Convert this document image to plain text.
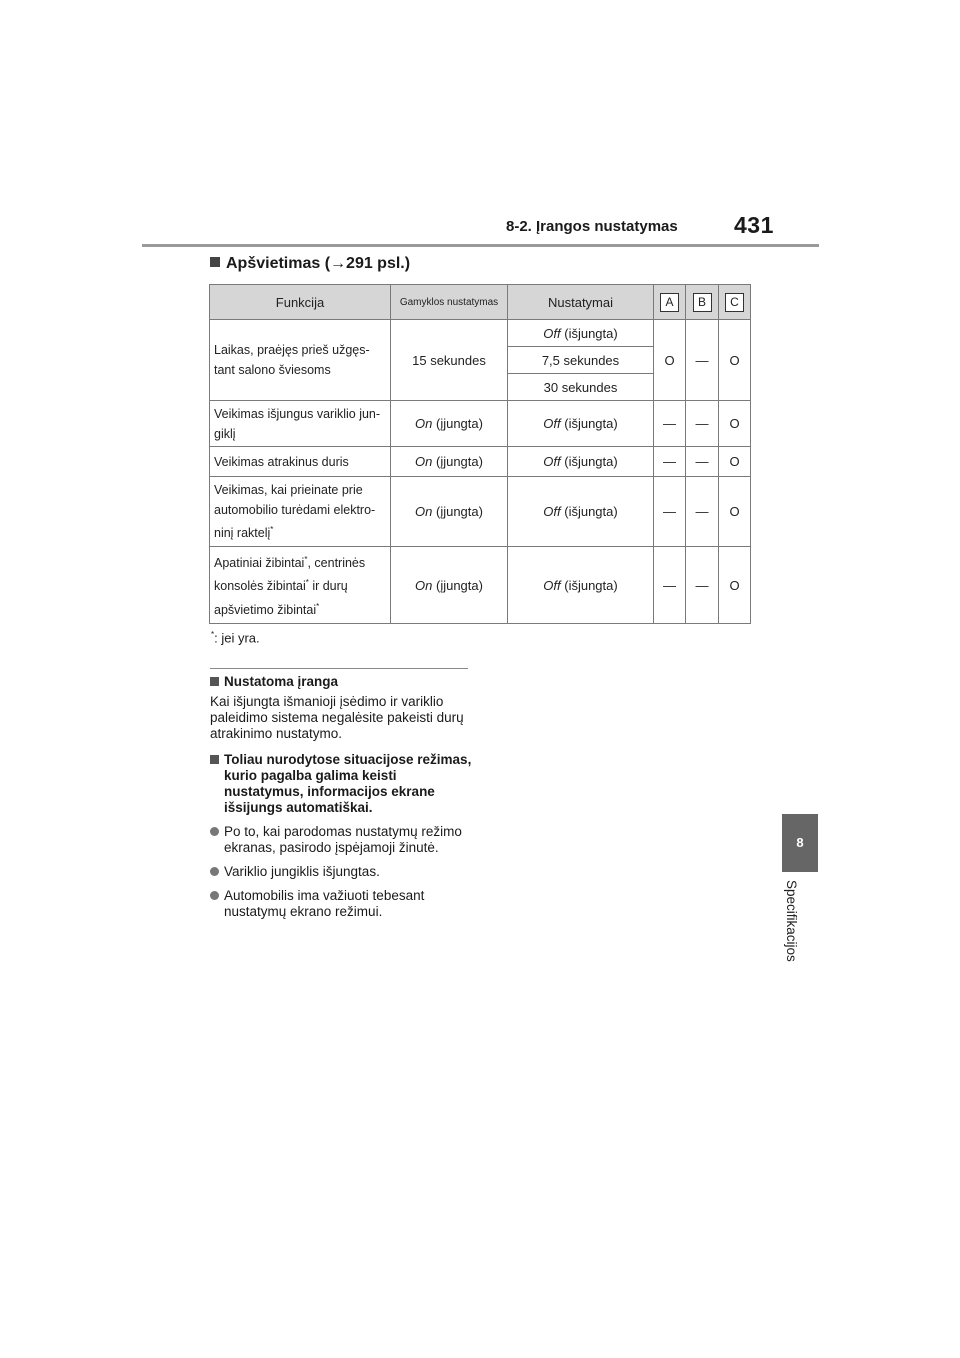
8-2. Įrangos nustatymas 431
Apšvietimas (→291 psl.)
Funkcija	Gamyklos nustatymas	Nustatymai	A	B	C
Laikas, praėjęs prieš užgęs-tant salono šviesoms	15 sekundes	Off (išjungta)	O	—	O
		7,5 sekundes			
		30 sekundes			
Veikimas išjungus variklio jun-giklį	On (įjungta)	Off (išjungta)	—	—	O
Veikimas atrakinus duris	On (įjungta)	Off (išjungta)	—	—	O
Veikimas, kai prieinate prie automobilio turėdami elektro-ninį raktelį*	On (įjungta)	Off (išjungta)	—	—	O
Apatiniai žibintai*, centrinės konsolės žibintai* ir durų apšvietimo žibintai*	On (įjungta)	Off (išjungta)	—	—	O
*: jei yra.
Nustatoma įranga
Kai išjungta išmanioji įsėdimo ir variklio paleidimo sistema negalėsite pakeisti durų atrakinimo nustatymo.
Toliau nurodytose situacijose režimas, kurio pagalba galima keisti nustatymus, informacijos ekrane išsijungs automatiškai.
Po to, kai parodomas nustatymų režimo ekranas, pasirodo įspėjamoji žinutė.
Variklio jungiklis išjungtas.
Automobilis ima važiuoti tebesant nustatymų ekrano režimui.
8
Specifikacijos
